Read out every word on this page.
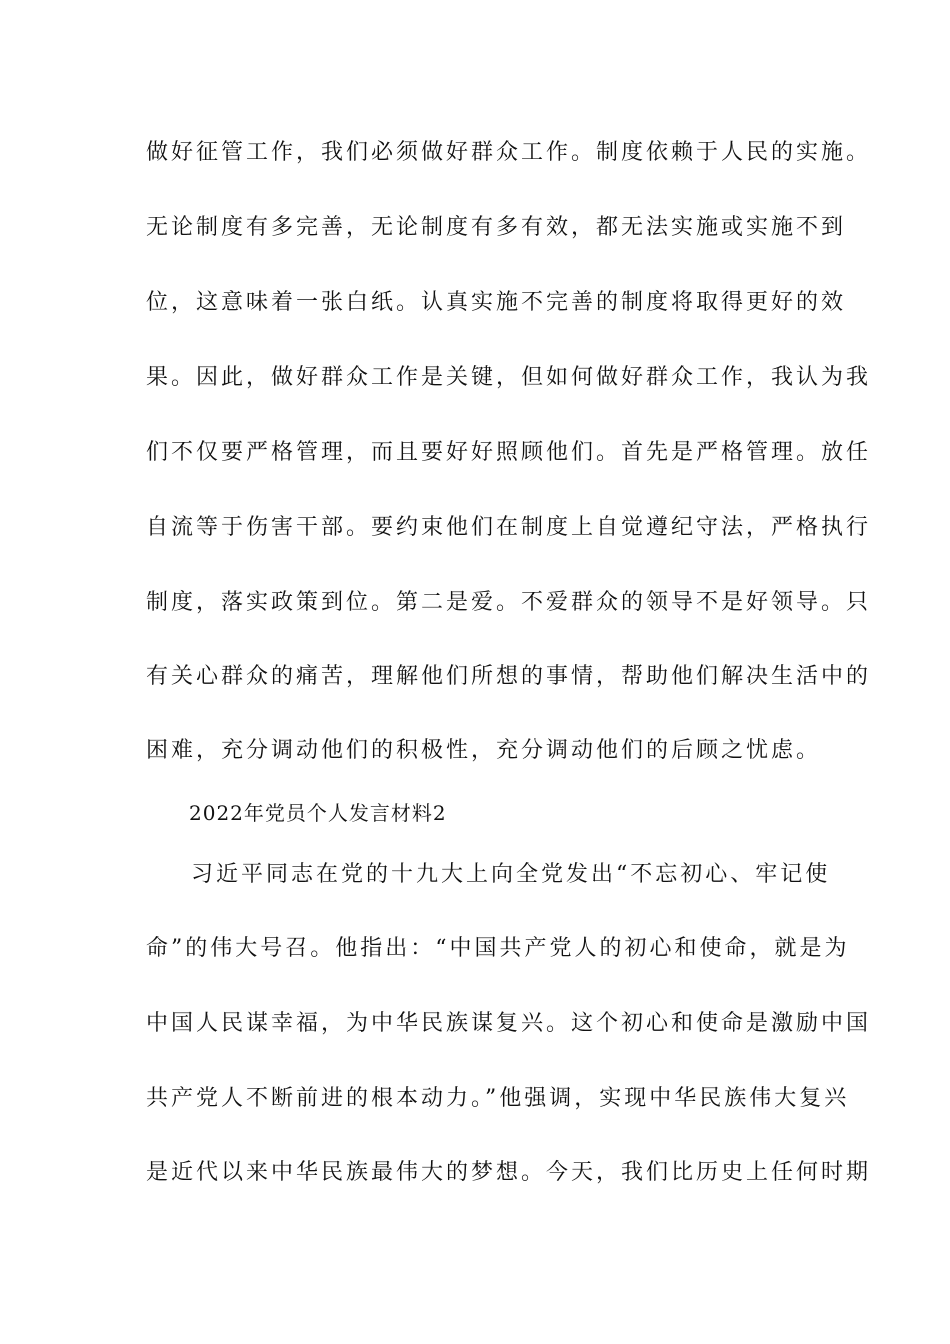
做好征管工作，我们必须做好群众工作。制度依赖于人民的实施。
无论制度有多完善，无论制度有多有效，都无法实施或实施不到
位，这意味着一张白纸。认真实施不完善的制度将取得更好的效
果。因此，做好群众工作是关键，但如何做好群众工作，我认为我
们不仅要严格管理，而且要好好照顾他们。首先是严格管理。放任
自流等于伤害干部。要约束他们在制度上自觉遵纪守法，严格执行
制度，落实政策到位。第二是爱。不爱群众的领导不是好领导。只
有关心群众的痛苦，理解他们所想的事情，帮助他们解决生活中的
困难，充分调动他们的积极性，充分调动他们的后顾之忧虑。
2022年党员个人发言材料2
习近平同志在党的十九大上向全党发出“不忘初心、牢记使
命”的伟大号召。他指出：“中国共产党人的初心和使命，就是为
中国人民谋幸福，为中华民族谋复兴。这个初心和使命是激励中国
共产党人不断前进的根本动力。”他强调，实现中华民族伟大复兴
是近代以来中华民族最伟大的梦想。今天，我们比历史上任何时期
